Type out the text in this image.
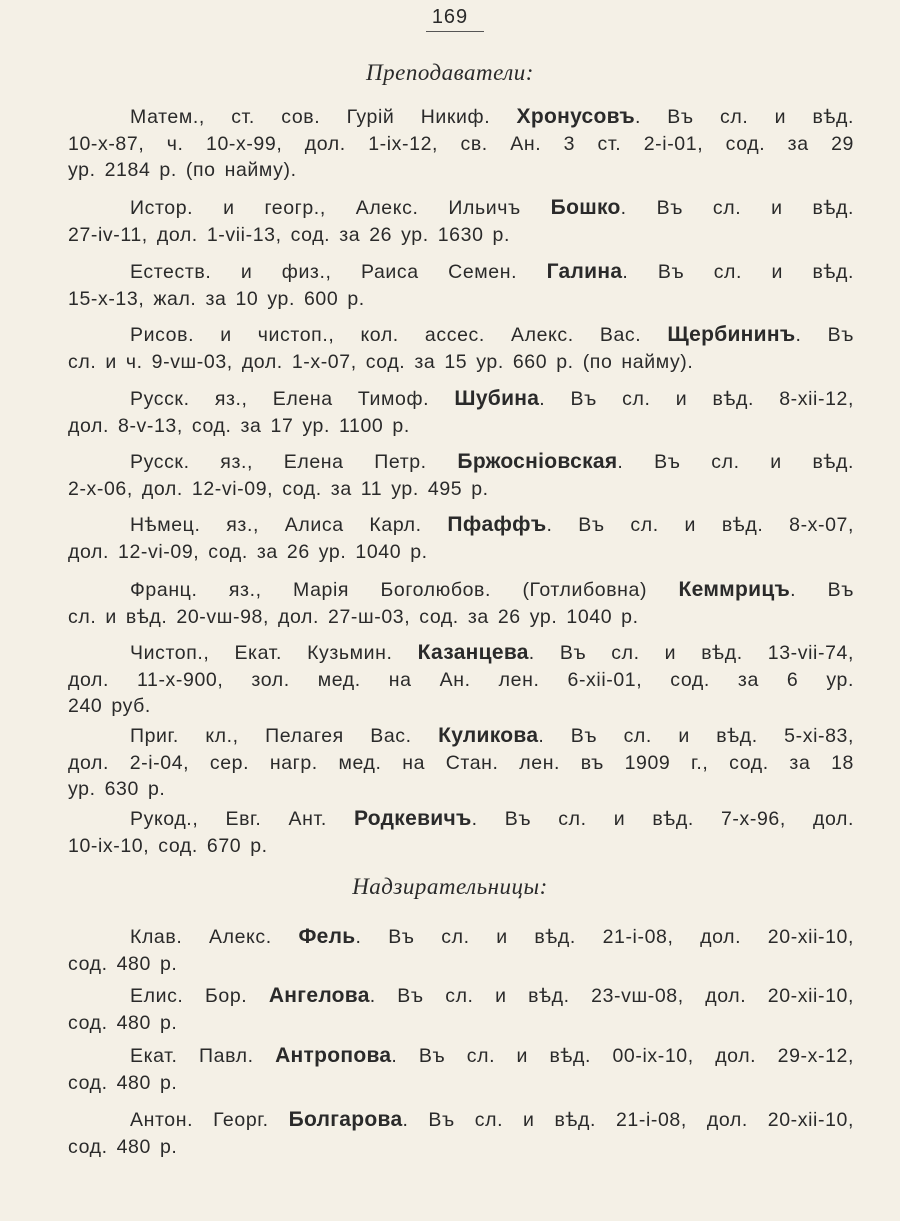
169
Преподаватели:
Матем., ст. сов. Гурій Никиф. Хронусовъ. Въ сл. и вѣд.
10-х-87, ч. 10-х-99, дол. 1-іх-12, св. Ан. 3 ст. 2-і-01, сод. за 29
ур. 2184 р. (по найму).
Истор. и геогр., Алекс. Ильичъ Бошко. Въ сл. и вѣд.
27-іv-11, дол. 1-vіі-13, сод. за 26 ур. 1630 р.
Естеств. и физ., Раиса Семен. Галина. Въ сл. и вѣд.
15-х-13, жал. за 10 ур. 600 р.
Рисов. и чистоп., кол. ассес. Алекс. Вас. Щербининъ. Въ
сл. и ч. 9-vш-03, дол. 1-х-07, сод. за 15 ур. 660 р. (по найму).
Русск. яз., Елена Тимоф. Шубина. Въ сл. и вѣд. 8-хіі-12,
дол. 8-v-13, сод. за 17 ур. 1100 р.
Русск. яз., Елена Петр. Бржосніовская. Въ сл. и вѣд.
2-х-06, дол. 12-vі-09, сод. за 11 ур. 495 р.
Нѣмец. яз., Алиса Карл. Пфаффъ. Въ сл. и вѣд. 8-х-07,
дол. 12-vі-09, сод. за 26 ур. 1040 р.
Франц. яз., Марія Боголюбов. (Готлибовна) Кеммрицъ. Въ
сл. и вѣд. 20-vш-98, дол. 27-ш-03, сод. за 26 ур. 1040 р.
Чистоп., Екат. Кузьмин. Казанцева. Въ сл. и вѣд. 13-vіі-74,
дол. 11-х-900, зол. мед. на Ан. лен. 6-хіі-01, сод. за 6 ур.
240 руб.
Приг. кл., Пелагея Вас. Куликова. Въ сл. и вѣд. 5-хі-83,
дол. 2-і-04, сер. нагр. мед. на Стан. лен. въ 1909 г., сод. за 18
ур. 630 р.
Рукод., Евг. Ант. Родкевичъ. Въ сл. и вѣд. 7-х-96, дол.
10-іх-10, сод. 670 р.
Надзирательницы:
Клав. Алекс. Фель. Въ сл. и вѣд. 21-і-08, дол. 20-хіі-10,
сод. 480 р.
Елис. Бор. Ангелова. Въ сл. и вѣд. 23-vш-08, дол. 20-хіі-10,
сод. 480 р.
Екат. Павл. Антропова. Въ сл. и вѣд. 00-іх-10, дол. 29-х-12,
сод. 480 р.
Антон. Георг. Болгарова. Въ сл. и вѣд. 21-і-08, дол. 20-хіі-10,
сод. 480 р.
